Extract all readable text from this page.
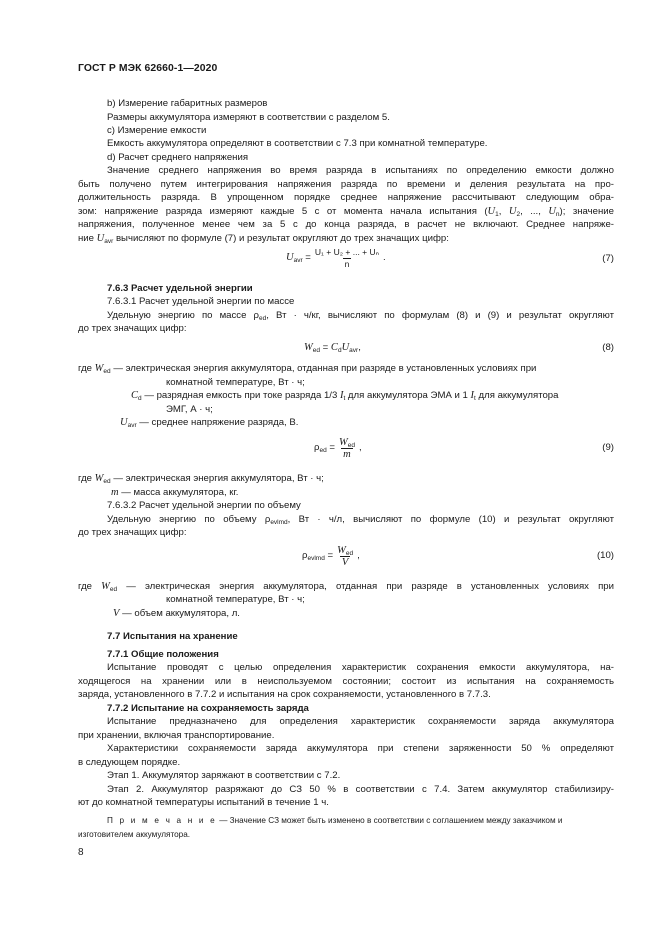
ГОСТ Р МЭК 62660-1—2020
b) Измерение габаритных размеров
Размеры аккумулятора измеряют в соответствии с разделом 5.
c) Измерение емкости
Емкость аккумулятора определяют в соответствии с 7.3 при комнатной температуре.
d) Расчет среднего напряжения
Значение среднего напряжения во время разряда в испытаниях по определению емкости должно
быть получено путем интегрирования напряжения разряда по времени и деления результата на про-
должительность разряда. В упрощенном порядке среднее напряжение рассчитывают следующим обра-
зом: напряжение разряда измеряют каждые 5 с от момента начала испытания ($U_1$, $U_2$, ..., $U_n$); значение
напряжения, полученное менее чем за 5 с до конца разряда, в расчет не включают. Среднее напряже-
ние $U_{avr}$ вычисляют по формуле (7) и результат округляют до трех значащих цифр:
$U_{avr} = \frac{\text{U₁ + U₂ + ... + Uₙ}}{n}$ .	(7)
7.6.3 Расчет удельной энергии
7.6.3.1 Расчет удельной энергии по массе
Удельную энергию по массе $\rho_{ed}$, Вт · ч/кг, вычисляют по формулам (8) и (9) и результат округляют
до трех значащих цифр:
$W_{ed} = C_dU_{avr}$,	(8)
где $W_{ed}$ — электрическая энергия аккумулятора, отданная при разряде в установленных условиях при
комнатной температуре, Вт · ч;
$C_d$ — разрядная емкость при токе разряда 1/3 $I_t$ для аккумулятора ЭМА и 1 $I_t$ для аккумулятора
ЭМГ, А · ч;
$U_{avr}$ — среднее напряжение разряда, В.
$\rho_{ed} = \frac{W_{ed}}{m}$ ,	(9)
где $W_{ed}$ — электрическая энергия аккумулятора, Вт · ч;
m — масса аккумулятора, кг.
7.6.3.2 Расчет удельной энергии по объему
Удельную энергию по объему $\rho_{evlmd}$, Вт · ч/л, вычисляют по формуле (10) и результат округляют
до трех значащих цифр:
$\rho_{evlmd} = \frac{W_{ed}}{V}$ ,	(10)
где $W_{ed}$ — электрическая энергия аккумулятора, отданная при разряде в установленных условиях при
комнатной температуре, Вт · ч;
V — объем аккумулятора, л.
7.7 Испытания на хранение
7.7.1 Общие положения
Испытание проводят с целью определения характеристик сохранения емкости аккумулятора, на-
ходящегося на хранении или в неиспользуемом состоянии; состоит из испытания на сохраняемость
заряда, установленного в 7.7.2 и испытания на срок сохраняемости, установленного в 7.7.3.
7.7.2 Испытание на сохраняемость заряда
Испытание предназначено для определения характеристик сохраняемости заряда аккумулятора
при хранении, включая транспортирование.
Характеристики сохраняемости заряда аккумулятора при степени заряженности 50 % определяют
в следующем порядке.
Этап 1. Аккумулятор заряжают в соответствии с 7.2.
Этап 2. Аккумулятор разряжают до СЗ 50 % в соответствии с 7.4. Затем аккумулятор стабилизиру-
ют до комнатной температуры испытаний в течение 1 ч.
П р и м е ч а н и е — Значение СЗ может быть изменено в соответствии с соглашением между заказчиком и
изготовителем аккумулятора.
8
